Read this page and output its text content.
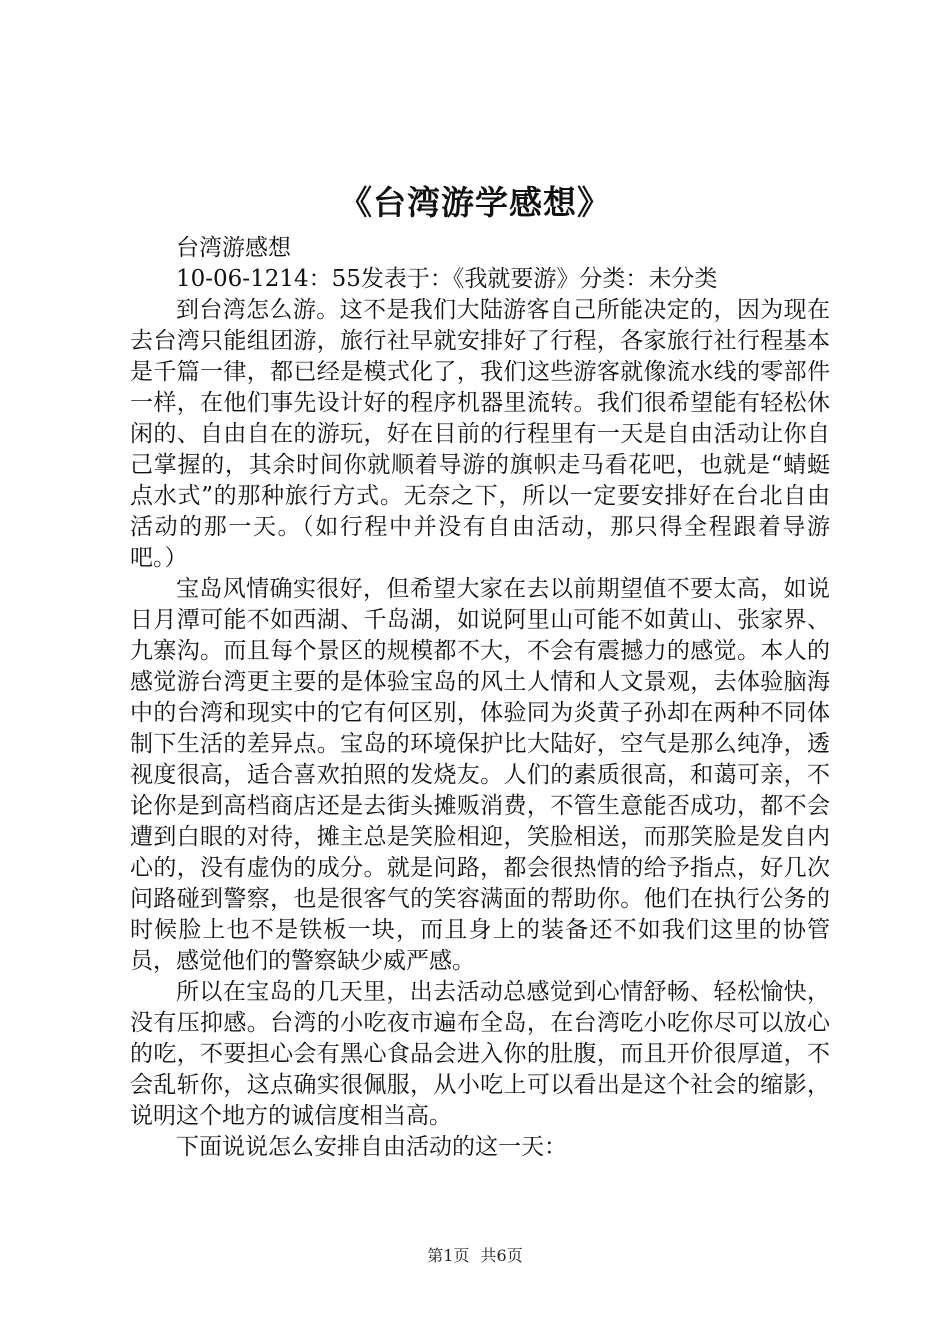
《台湾游学感想》

台湾游感想

10-06-1214：55发表于：《我就要游》分类：未分类

到台湾怎么游。这不是我们大陆游客自己所能决定的，因为现在去台湾只能组团游，旅行社早就安排好了行程，各家旅行社行程基本是千篇一律，都已经是模式化了，我们这些游客就像流水线的零部件一样，在他们事先设计好的程序机器里流转。我们很希望能有轻松休闲的、自由自在的游玩，好在目前的行程里有一天是自由活动让你自己掌握的，其余时间你就顺着导游的旗帜走马看花吧，也就是“蜻蜓点水式”的那种旅行方式。无奈之下，所以一定要安排好在台北自由活动的那一天。（如行程中并没有自由活动，那只得全程跟着导游吧。）

宝岛风情确实很好，但希望大家在去以前期望值不要太高，如说日月潭可能不如西湖、千岛湖，如说阿里山可能不如黄山、张家界、九寨沟。而且每个景区的规模都不大，不会有震撼力的感觉。本人的感觉游台湾更主要的是体验宝岛的风土人情和人文景观，去体验脑海中的台湾和现实中的它有何区别，体验同为炎黄子孙却在两种不同体制下生活的差异点。宝岛的环境保护比大陆好，空气是那么纯净，透视度很高，适合喜欢拍照的发烧友。人们的素质很高，和蔼可亲，不论你是到高档商店还是去街头摊贩消费，不管生意能否成功，都不会遭到白眼的对待，摊主总是笑脸相迎，笑脸相送，而那笑脸是发自内心的，没有虚伪的成分。就是问路，都会很热情的给予指点，好几次问路碰到警察，也是很客气的笑容满面的帮助你。他们在执行公务的时候脸上也不是铁板一块，而且身上的装备还不如我们这里的协管员，感觉他们的警察缺少威严感。

所以在宝岛的几天里，出去活动总感觉到心情舒畅、轻松愉快，没有压抑感。台湾的小吃夜市遍布全岛，在台湾吃小吃你尽可以放心的吃，不要担心会有黑心食品会进入你的肚腹，而且开价很厚道，不会乱斩你，这点确实很佩服，从小吃上可以看出是这个社会的缩影，说明这个地方的诚信度相当高。

下面说说怎么安排自由活动的这一天：

第1页 共6页
